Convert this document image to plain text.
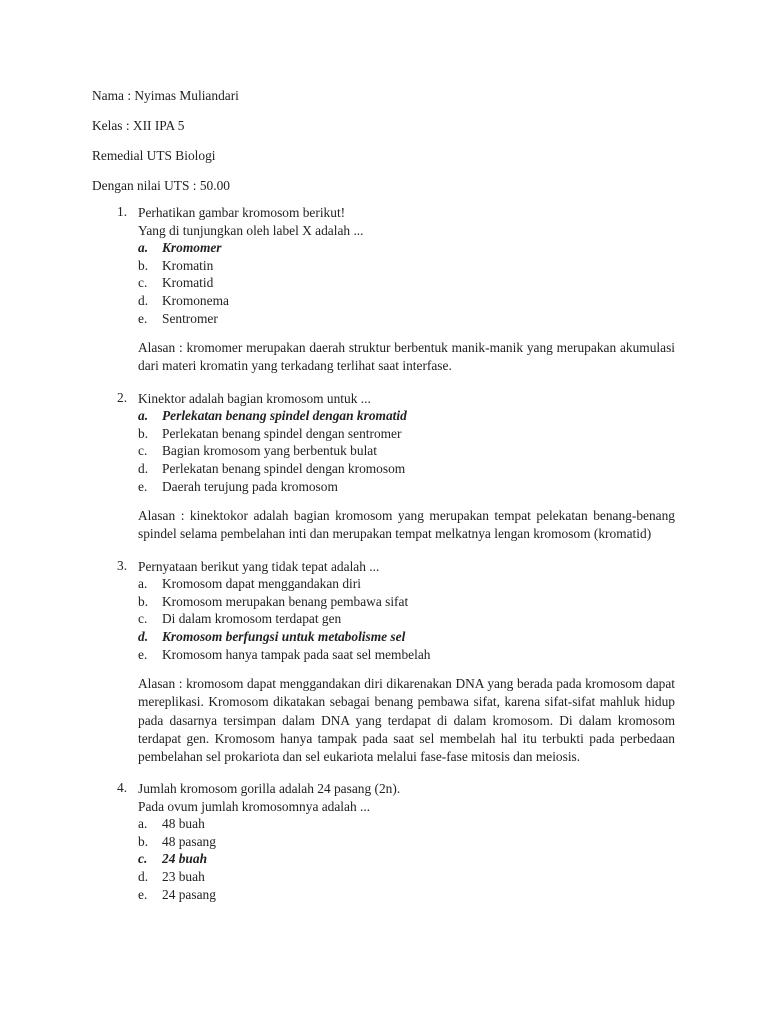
Nama : Nyimas Muliandari
Kelas : XII IPA 5
Remedial UTS Biologi
Dengan nilai UTS : 50.00
1. Perhatikan gambar kromosom berikut!
Yang di tunjungkan oleh label X adalah ...
a. Kromomer
b. Kromatin
c. Kromatid
d. Kromonema
e. Sentromer
Alasan : kromomer merupakan daerah struktur berbentuk manik-manik yang merupakan akumulasi dari materi kromatin yang terkadang terlihat saat interfase.
2. Kinektor adalah bagian kromosom untuk ...
a. Perlekatan benang spindel dengan kromatid
b. Perlekatan benang spindel dengan sentromer
c. Bagian kromosom yang berbentuk bulat
d. Perlekatan benang spindel dengan kromosom
e. Daerah terujung pada kromosom
Alasan : kinektokor adalah bagian kromosom yang merupakan tempat pelekatan benang-benang spindel selama pembelahan inti dan merupakan tempat melkatnya lengan kromosom (kromatid)
3. Pernyataan berikut yang tidak tepat adalah ...
a. Kromosom dapat menggandakan diri
b. Kromosom merupakan benang pembawa sifat
c. Di dalam kromosom terdapat gen
d. Kromosom berfungsi untuk metabolisme sel
e. Kromosom hanya tampak pada saat sel membelah
Alasan : kromosom dapat menggandakan diri dikarenakan DNA yang berada pada kromosom dapat mereplikasi. Kromosom dikatakan sebagai benang pembawa sifat, karena sifat-sifat mahluk hidup pada dasarnya tersimpan dalam DNA yang terdapat di dalam kromosom. Di dalam kromosom terdapat gen. Kromosom hanya tampak pada saat sel membelah hal itu terbukti pada perbedaan pembelahan sel prokariota dan sel eukariota melalui fase-fase mitosis dan meiosis.
4. Jumlah kromosom gorilla adalah 24 pasang (2n).
Pada ovum jumlah kromosomnya adalah ...
a. 48 buah
b. 48 pasang
c. 24 buah
d. 23 buah
e. 24 pasang
